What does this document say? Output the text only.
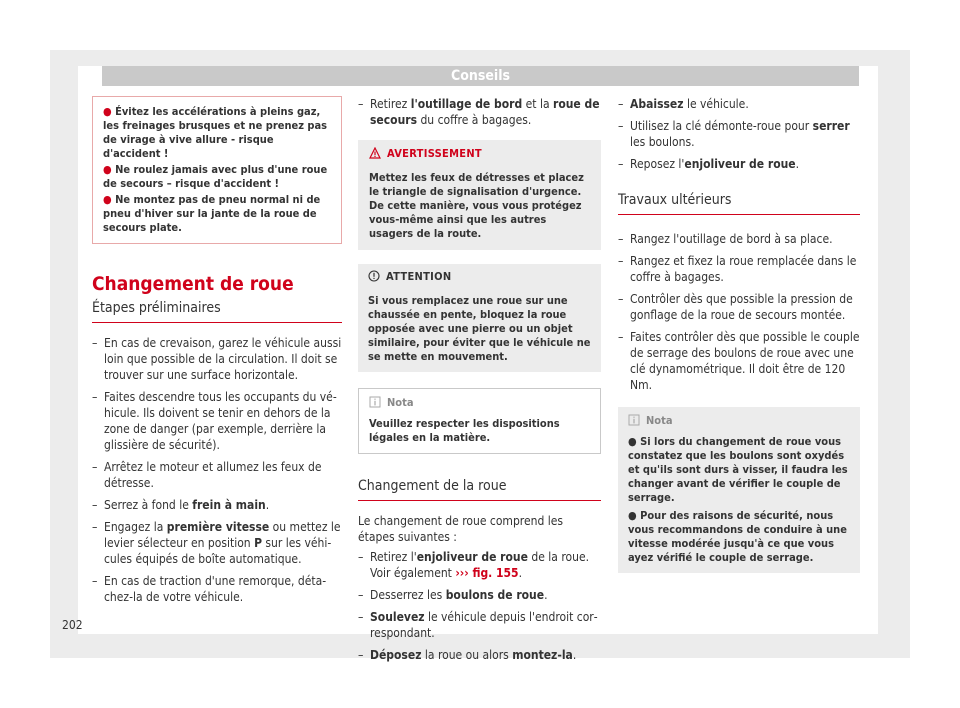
Conseils
● Évitez les accélérations à pleins gaz, les freinages brusques et ne prenez pas de virage à vive allure - risque d'accident !
● Ne roulez jamais avec plus d'une roue de secours – risque d'accident !
● Ne montez pas de pneu normal ni de pneu d'hiver sur la jante de la roue de secours plate.
Changement de roue
Étapes préliminaires
– En cas de crevaison, garez le véhicule aussi loin que possible de la circulation. Il doit se trouver sur une surface horizontale.
– Faites descendre tous les occupants du véhicule. Ils doivent se tenir en dehors de la zone de danger (par exemple, derrière la glissière de sécurité).
– Arrêtez le moteur et allumez les feux de détresse.
– Serrez à fond le frein à main.
– Engagez la première vitesse ou mettez le levier sélecteur en position P sur les véhicules équipés de boîte automatique.
– En cas de traction d'une remorque, détachez-la de votre véhicule.
– Retirez l'outillage de bord et la roue de secours du coffre à bagages.
AVERTISSEMENT
Mettez les feux de détresses et placez le triangle de signalisation d'urgence. De cette manière, vous vous protégez vous-même ainsi que les autres usagers de la route.
ATTENTION
Si vous remplacez une roue sur une chaussée en pente, bloquez la roue opposée avec une pierre ou un objet similaire, pour éviter que le véhicule ne se mette en mouvement.
Nota
Veuillez respecter les dispositions légales en la matière.
Changement de la roue
Le changement de roue comprend les étapes suivantes :
– Retirez l'enjoliveur de roue de la roue. Voir également ››› fig. 155.
– Desserrez les boulons de roue.
– Soulevez le véhicule depuis l'endroit correspondant.
– Déposez la roue ou alors montez-la.
– Abaissez le véhicule.
– Utilisez la clé démonte-roue pour serrer les boulons.
– Reposez l'enjoliveur de roue.
Travaux ultérieurs
– Rangez l'outillage de bord à sa place.
– Rangez et fixez la roue remplacée dans le coffre à bagages.
– Contrôler dès que possible la pression de gonflage de la roue de secours montée.
– Faites contrôler dès que possible le couple de serrage des boulons de roue avec une clé dynamométrique. Il doit être de 120 Nm.
Nota
● Si lors du changement de roue vous constatez que les boulons sont oxydés et qu'ils sont durs à visser, il faudra les changer avant de vérifier le couple de serrage.
● Pour des raisons de sécurité, nous vous recommandons de conduire à une vitesse modérée jusqu'à ce que vous ayez vérifié le couple de serrage.
202
